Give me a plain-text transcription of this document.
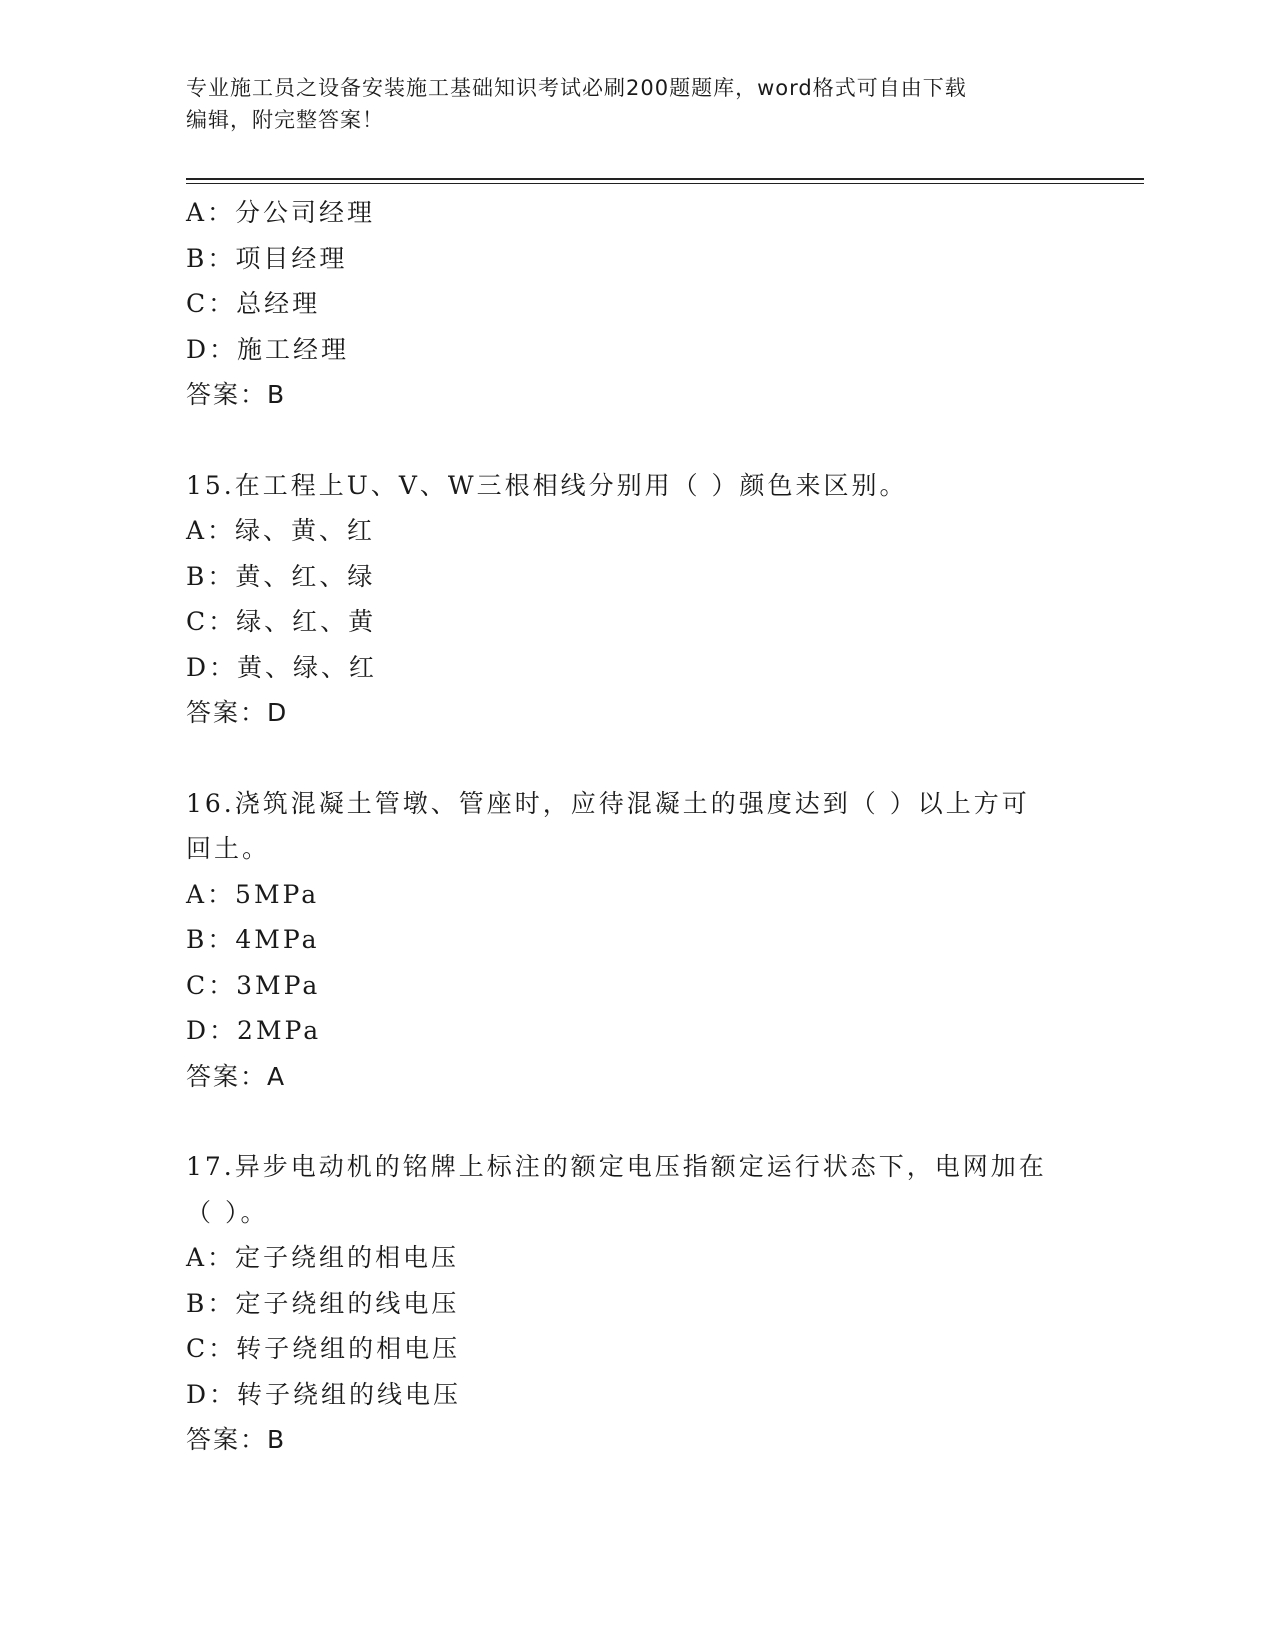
专业施工员之设备安装施工基础知识考试必刷200题题库，word格式可自由下载
编辑，附完整答案！
A：分公司经理
B：项目经理
C：总经理
D：施工经理
答案：B
15.在工程上U、V、W三根相线分别用（ ）颜色来区别。
A：绿、黄、红
B：黄、红、绿
C：绿、红、黄
D：黄、绿、红
答案：D
16.浇筑混凝土管墩、管座时，应待混凝土的强度达到（ ）以上方可
回土。
A：5MPa
B：4MPa
C：3MPa
D：2MPa
答案：A
17.异步电动机的铭牌上标注的额定电压指额定运行状态下，电网加在
（ ）。
A：定子绕组的相电压
B：定子绕组的线电压
C：转子绕组的相电压
D：转子绕组的线电压
答案：B
